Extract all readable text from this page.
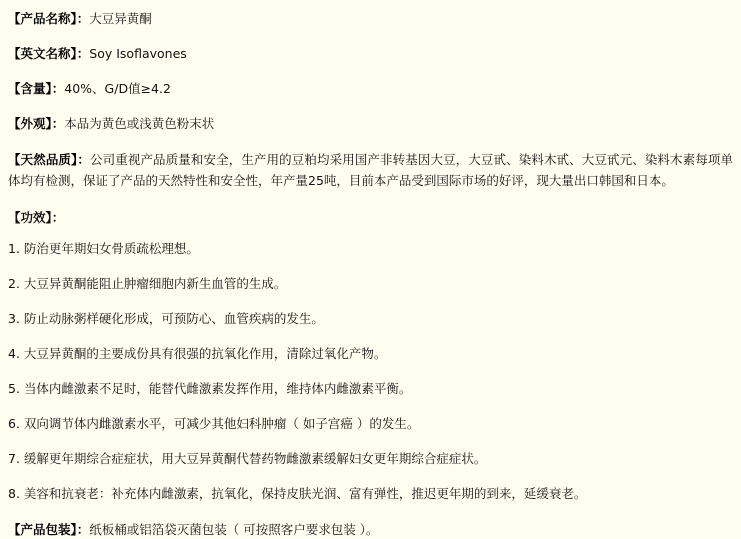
【产品名称】：大豆异黄酮
【英文名称】：Soy Isoflavones
【含量】：40%、G/D值≥4.2
【外观】：本品为黄色或浅黄色粉末状
【天然品质】：公司重视产品质量和安全，生产用的豆粕均采用国产非转基因大豆，大豆甙、染料木甙、大豆甙元、染料木素每项单体均有检测，保证了产品的天然特性和安全性，年产量25吨，目前本产品受到国际市场的好评，现大量出口韩国和日本。
【功效】：
1. 防治更年期妇女骨质疏松理想。
2. 大豆异黄酮能阻止肿瘤细胞内新生血管的生成。
3. 防止动脉粥样硬化形成，可预防心、血管疾病的发生。
4. 大豆异黄酮的主要成份具有很强的抗氧化作用，清除过氧化产物。
5. 当体内雌激素不足时，能替代雌激素发挥作用，维持体内雌激素平衡。
6. 双向调节体内雌激素水平，可减少其他妇科肿瘤（ 如子宫癌 ）的发生。
7. 缓解更年期综合症症状，用大豆异黄酮代替药物雌激素缓解妇女更年期综合症症状。
8. 美容和抗衰老：补充体内雌激素，抗氧化，保持皮肤光润、富有弹性，推迟更年期的到来，延缓衰老。
【产品包装】：纸板桶或铝箔袋灭菌包装（ 可按照客户要求包装 ）。
